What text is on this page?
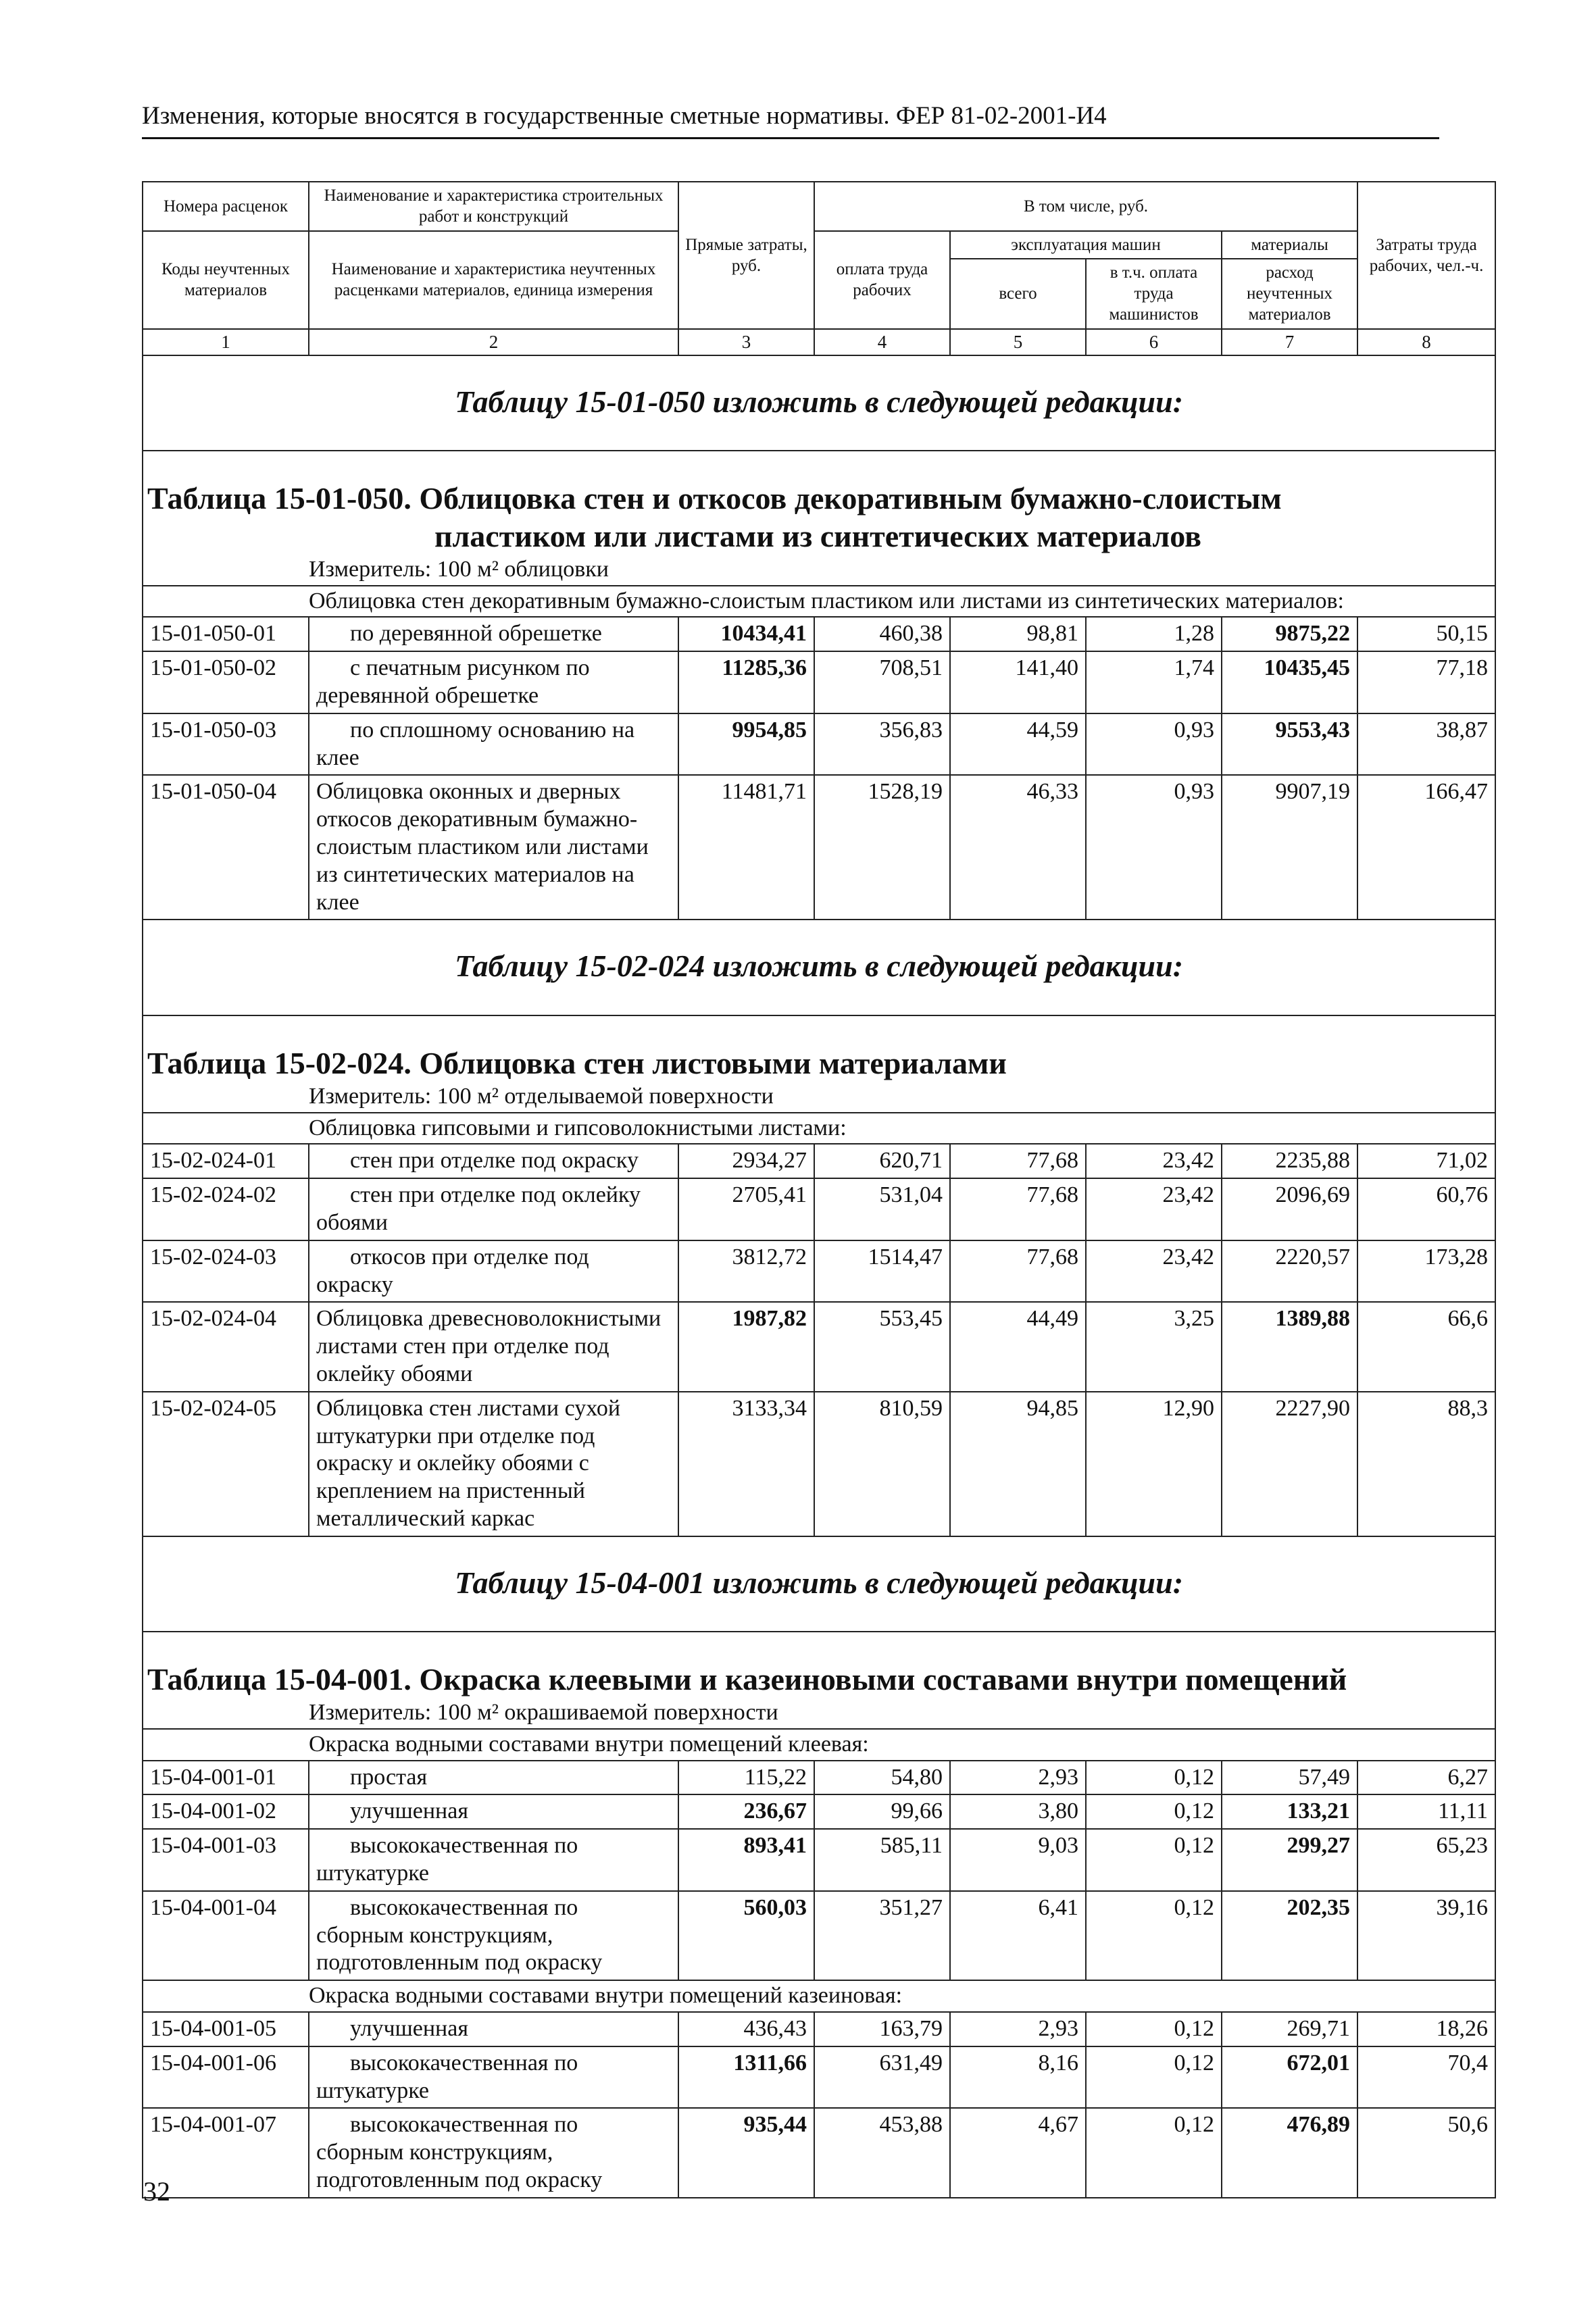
Изменения, которые вносятся в государственные сметные нормативы. ФЕР 81-02-2001-И4
Номера расценок	Наименование и характеристика строительных работ и конструкций	Прямые затраты, руб.	В том числе, руб.				Затраты труда рабочих, чел.-ч.
Коды неучтенных материалов	Наименование и характеристика неучтенных расценками материалов, единица измерения		оплата труда рабочих	эксплуатация машин		материалы	
				всего	в т.ч. оплата труда машинистов	расход неучтенных материалов	
1	2	3	4	5	6	7	8
Таблицу 15-01-050 изложить в следующей редакции:							
Таблица 15-01-050. Облицовка стен и откосов декоративным бумажно-слоистым
пластиком или листами из синтетических материалов							

Измеритель: 100 м² облицовки							
Облицовка стен декоративным бумажно-слоистым пластиком или листами из синтетических материалов:							
15-01-050-01	по деревянной обрешетке	10434,41	460,38	98,81	1,28	9875,22	50,15
15-01-050-02	с печатным рисунком по деревянной обрешетке	11285,36	708,51	141,40	1,74	10435,45	77,18
15-01-050-03	по сплошному основанию на клее	9954,85	356,83	44,59	0,93	9553,43	38,87
15-01-050-04	Облицовка оконных и дверных откосов декоративным бумажно-слоистым пластиком или листами из синтетических материалов на клее	11481,71	1528,19	46,33	0,93	9907,19	166,47
Таблицу 15-02-024 изложить в следующей редакции:							
Таблица 15-02-024. Облицовка стен листовыми материалами							
Измеритель: 100 м² отделываемой поверхности							
Облицовка гипсовыми и гипсоволокнистыми листами:							
15-02-024-01	стен при отделке под окраску	2934,27	620,71	77,68	23,42	2235,88	71,02
15-02-024-02	стен при отделке под оклейку обоями	2705,41	531,04	77,68	23,42	2096,69	60,76
15-02-024-03	откосов при отделке под окраску	3812,72	1514,47	77,68	23,42	2220,57	173,28
15-02-024-04	Облицовка древесноволокнистыми листами стен при отделке под оклейку обоями	1987,82	553,45	44,49	3,25	1389,88	66,6
15-02-024-05	Облицовка стен листами сухой штукатурки при отделке под окраску и оклейку обоями с креплением на пристенный металлический каркас	3133,34	810,59	94,85	12,90	2227,90	88,3
Таблицу 15-04-001 изложить в следующей редакции:							
Таблица 15-04-001. Окраска клеевыми и казеиновыми составами внутри помещений							
Измеритель: 100 м² окрашиваемой поверхности							
Окраска водными составами внутри помещений клеевая:							
15-04-001-01	простая	115,22	54,80	2,93	0,12	57,49	6,27
15-04-001-02	улучшенная	236,67	99,66	3,80	0,12	133,21	11,11
15-04-001-03	высококачественная по штукатурке	893,41	585,11	9,03	0,12	299,27	65,23
15-04-001-04	высококачественная по сборным конструкциям, подготовленным под окраску	560,03	351,27	6,41	0,12	202,35	39,16
Окраска водными составами внутри помещений казеиновая:							
15-04-001-05	улучшенная	436,43	163,79	2,93	0,12	269,71	18,26
15-04-001-06	высококачественная по штукатурке	1311,66	631,49	8,16	0,12	672,01	70,4
15-04-001-07	высококачественная по сборным конструкциям, подготовленным под окраску	935,44	453,88	4,67	0,12	476,89	50,6
32
